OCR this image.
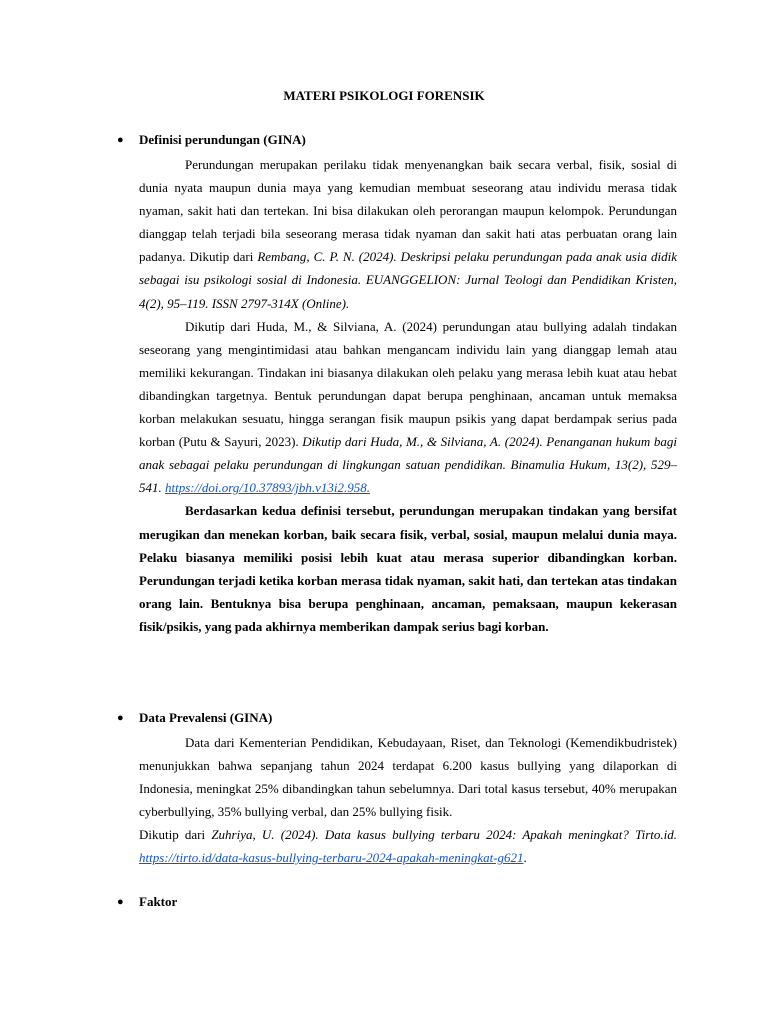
MATERI PSIKOLOGI FORENSIK
●	Definisi perundungan (GINA)

Perundungan merupakan perilaku tidak menyenangkan baik secara verbal, fisik, sosial di dunia nyata maupun dunia maya yang kemudian membuat seseorang atau individu merasa tidak nyaman, sakit hati dan tertekan. Ini bisa dilakukan oleh perorangan maupun kelompok. Perundungan dianggap telah terjadi bila seseorang merasa tidak nyaman dan sakit hati atas perbuatan orang lain padanya. Dikutip dari Rembang, C. P. N. (2024). Deskripsi pelaku perundungan pada anak usia didik sebagai isu psikologi sosial di Indonesia. EUANGGELION: Jurnal Teologi dan Pendidikan Kristen, 4(2), 95–119. ISSN 2797-314X (Online).

Dikutip dari Huda, M., & Silviana, A. (2024) perundungan atau bullying adalah tindakan seseorang yang mengintimidasi atau bahkan mengancam individu lain yang dianggap lemah atau memiliki kekurangan. Tindakan ini biasanya dilakukan oleh pelaku yang merasa lebih kuat atau hebat dibandingkan targetnya. Bentuk perundungan dapat berupa penghinaan, ancaman untuk memaksa korban melakukan sesuatu, hingga serangan fisik maupun psikis yang dapat berdampak serius pada korban (Putu & Sayuri, 2023). Dikutip dari Huda, M., & Silviana, A. (2024). Penanganan hukum bagi anak sebagai pelaku perundungan di lingkungan satuan pendidikan. Binamulia Hukum, 13(2), 529–541. https://doi.org/10.37893/jbh.v13i2.958.

Berdasarkan kedua definisi tersebut, perundungan merupakan tindakan yang bersifat merugikan dan menekan korban, baik secara fisik, verbal, sosial, maupun melalui dunia maya. Pelaku biasanya memiliki posisi lebih kuat atau merasa superior dibandingkan korban. Perundungan terjadi ketika korban merasa tidak nyaman, sakit hati, dan tertekan atas tindakan orang lain. Bentuknya bisa berupa penghinaan, ancaman, pemaksaan, maupun kekerasan fisik/psikis, yang pada akhirnya memberikan dampak serius bagi korban.

●	Data Prevalensi (GINA)

Data dari Kementerian Pendidikan, Kebudayaan, Riset, dan Teknologi (Kemendikbudristek) menunjukkan bahwa sepanjang tahun 2024 terdapat 6.200 kasus bullying yang dilaporkan di Indonesia, meningkat 25% dibandingkan tahun sebelumnya. Dari total kasus tersebut, 40% merupakan cyberbullying, 35% bullying verbal, dan 25% bullying fisik.

Dikutip dari Zuhriya, U. (2024). Data kasus bullying terbaru 2024: Apakah meningkat? Tirto.id. https://tirto.id/data-kasus-bullying-terbaru-2024-apakah-meningkat-g621.

●	Faktor
